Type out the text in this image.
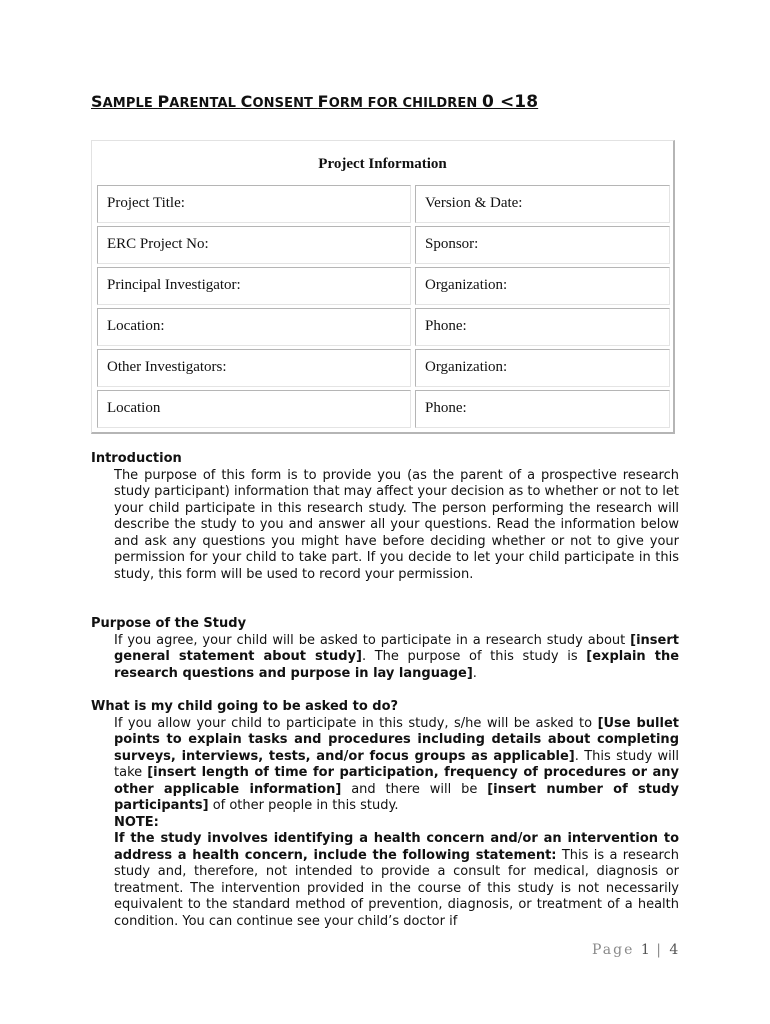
SAMPLE PARENTAL CONSENT FORM FOR CHILDREN 0 <18
Project Information
Project Title:	Version & Date:
ERC Project No:	Sponsor:
Principal Investigator:	Organization:
Location:	Phone:
Other Investigators:	Organization:
Location	Phone:
Introduction
The purpose of this form is to provide you (as the parent of a prospective research study participant) information that may affect your decision as to whether or not to let your child participate in this research study. The person performing the research will describe the study to you and answer all your questions. Read the information below and ask any questions you might have before deciding whether or not to give your permission for your child to take part. If you decide to let your child participate in this study, this form will be used to record your permission.
Purpose of the Study
If you agree, your child will be asked to participate in a research study about [insert general statement about study]. The purpose of this study is [explain the research questions and purpose in lay language].
What is my child going to be asked to do?
If you allow your child to participate in this study, s/he will be asked to [Use bullet points to explain tasks and procedures including details about completing surveys, interviews, tests, and/or focus groups as applicable]. This study will take [insert length of time for participation, frequency of procedures or any other applicable information] and there will be [insert number of study participants] of other people in this study.
NOTE:
If the study involves identifying a health concern and/or an intervention to address a health concern, include the following statement: This is a research study and, therefore, not intended to provide a consult for medical, diagnosis or treatment. The intervention provided in the course of this study is not necessarily equivalent to the standard method of prevention, diagnosis, or treatment of a health condition. You can continue see your child’s doctor if
Page 1 | 4
